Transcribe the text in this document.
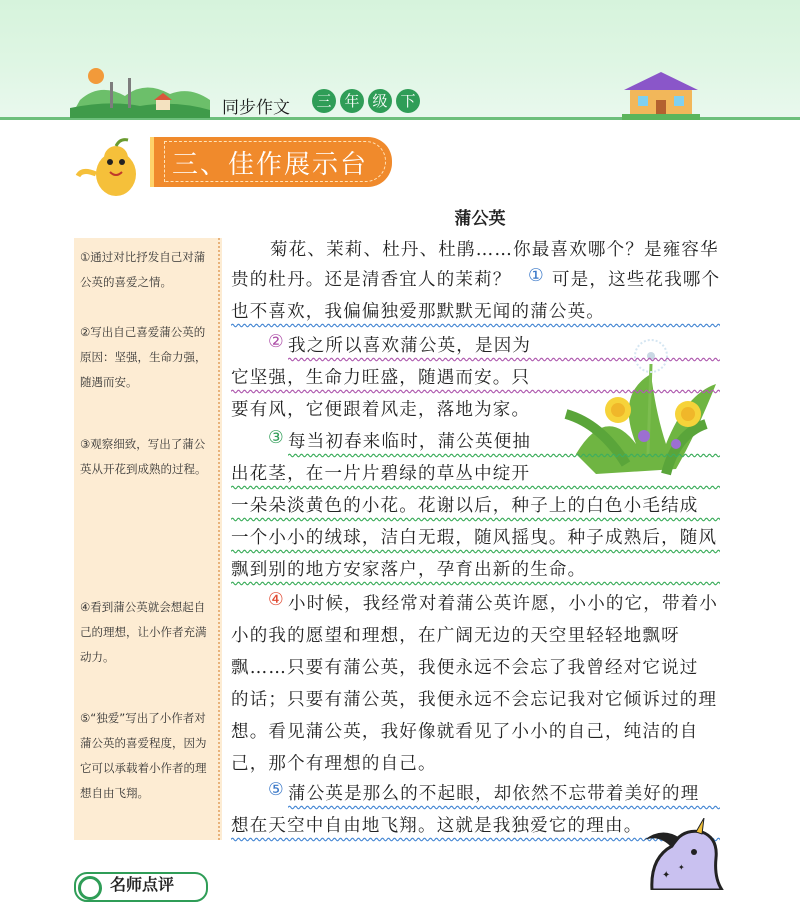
同步作文 三 年 级 下
三、佳作展示台
蒲公英
①通过对比抒发自己对蒲公英的喜爱之情。
②写出自己喜爱蒲公英的原因：坚强，生命力强，随遇而安。
③观察细致，写出了蒲公英从开花到成熟的过程。
④看到蒲公英就会想起自己的理想，让小作者充满动力。
⑤“独爱”写出了小作者对蒲公英的喜爱程度，因为它可以承载着小作者的理想自由飞翔。
菊花、茉莉、杜丹、杜鹃……你最喜欢哪个？是雍容华
贵的杜丹。还是清香宜人的茉莉？ ① 可是，这些花我哪个
也不喜欢，我偏偏独爱那默默无闻的蒲公英。
② 我之所以喜欢蒲公英，是因为
它坚强，生命力旺盛，随遇而安。只
要有风，它便跟着风走，落地为家。
③ 每当初春来临时，蒲公英便抽
出花茎，在一片片碧绿的草丛中绽开
一朵朵淡黄色的小花。花谢以后，种子上的白色小毛结成
一个小小的绒球，洁白无瑕，随风摇曳。种子成熟后，随风
飘到别的地方安家落户，孕育出新的生命。
④ 小时候，我经常对着蒲公英许愿，小小的它，带着小
小的我的愿望和理想，在广阔无边的天空里轻轻地飘呀
飘……只要有蒲公英，我便永远不会忘了我曾经对它说过
的话；只要有蒲公英，我便永远不会忘记我对它倾诉过的理
想。看见蒲公英，我好像就看见了小小的自己，纯洁的自
己，那个有理想的自己。
⑤ 蒲公英是那么的不起眼，却依然不忘带着美好的理
想在天空中自由地飞翔。这就是我独爱它的理由。
✦
✦
名师点评
